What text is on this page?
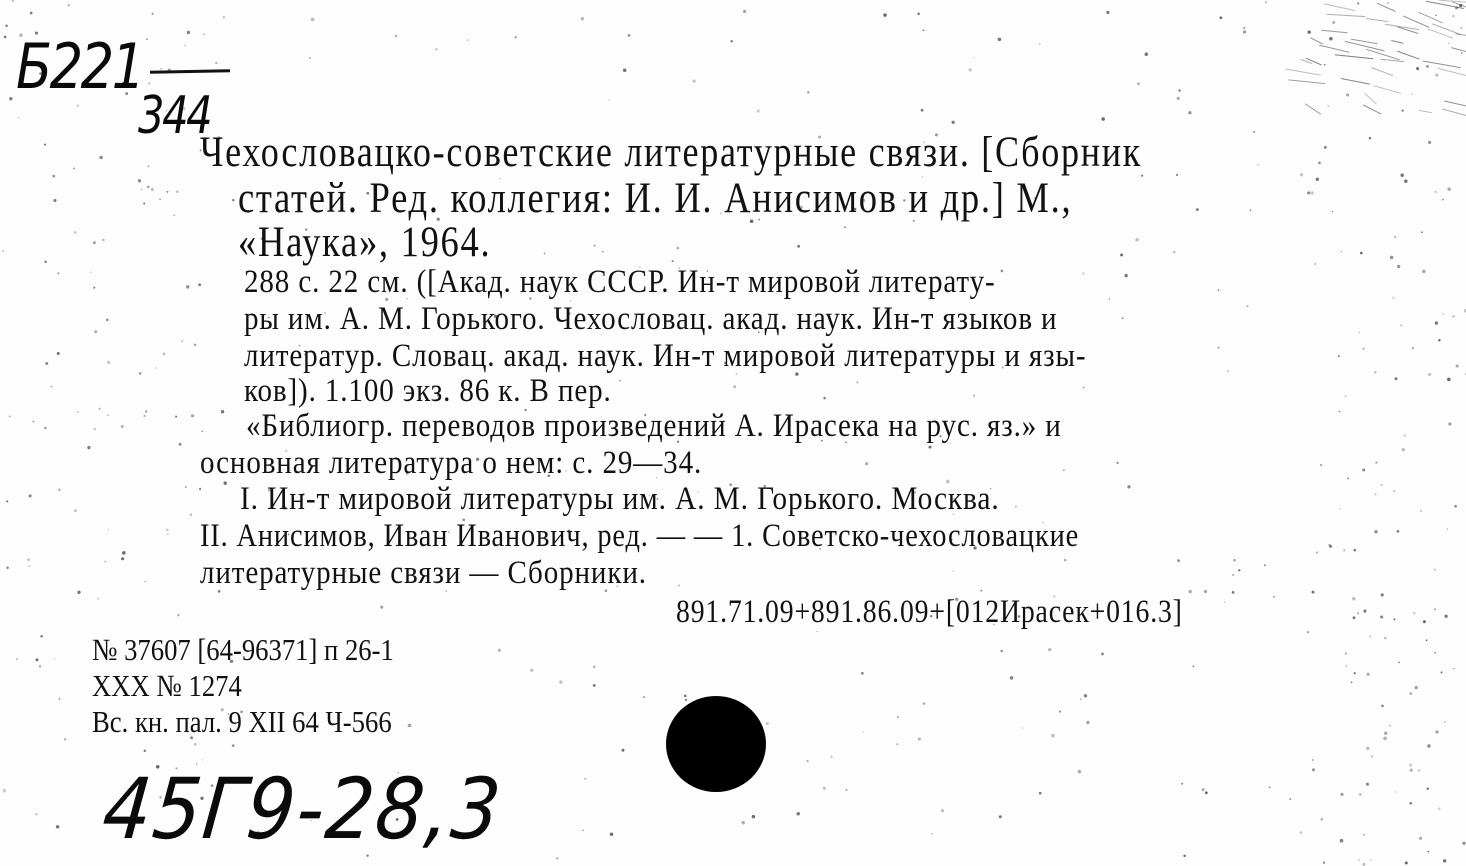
Б221
344
Чехословацко-советские литературные связи. [Сборник
статей. Ред. коллегия: И. И. Анисимов и др.] М.,
«Наука», 1964.
288 с. 22 см. ([Акад. наук СССР. Ин-т мировой литерату-
ры им. А. М. Горького. Чехословац. акад. наук. Ин-т языков и
литератур. Словац. акад. наук. Ин-т мировой литературы и язы-
ков]). 1.100 экз. 86 к. В пер.
«Библиогр. переводов произведений А. Ирасека на рус. яз.» и
основная литература о нем: с. 29—34.
I. Ин-т мировой литературы им. А. М. Горького. Москва.
II. Анисимов, Иван Иванович, ред. — — 1. Советско-чехословацкие
литературные связи — Сборники.
891.71.09+891.86.09+[012Ирасек+016.3]
№ 37607 [64-96371] п 26-1
XXX № 1274
Вс. кн. пал. 9 XII 64 Ч-566
45Г9-28,3
